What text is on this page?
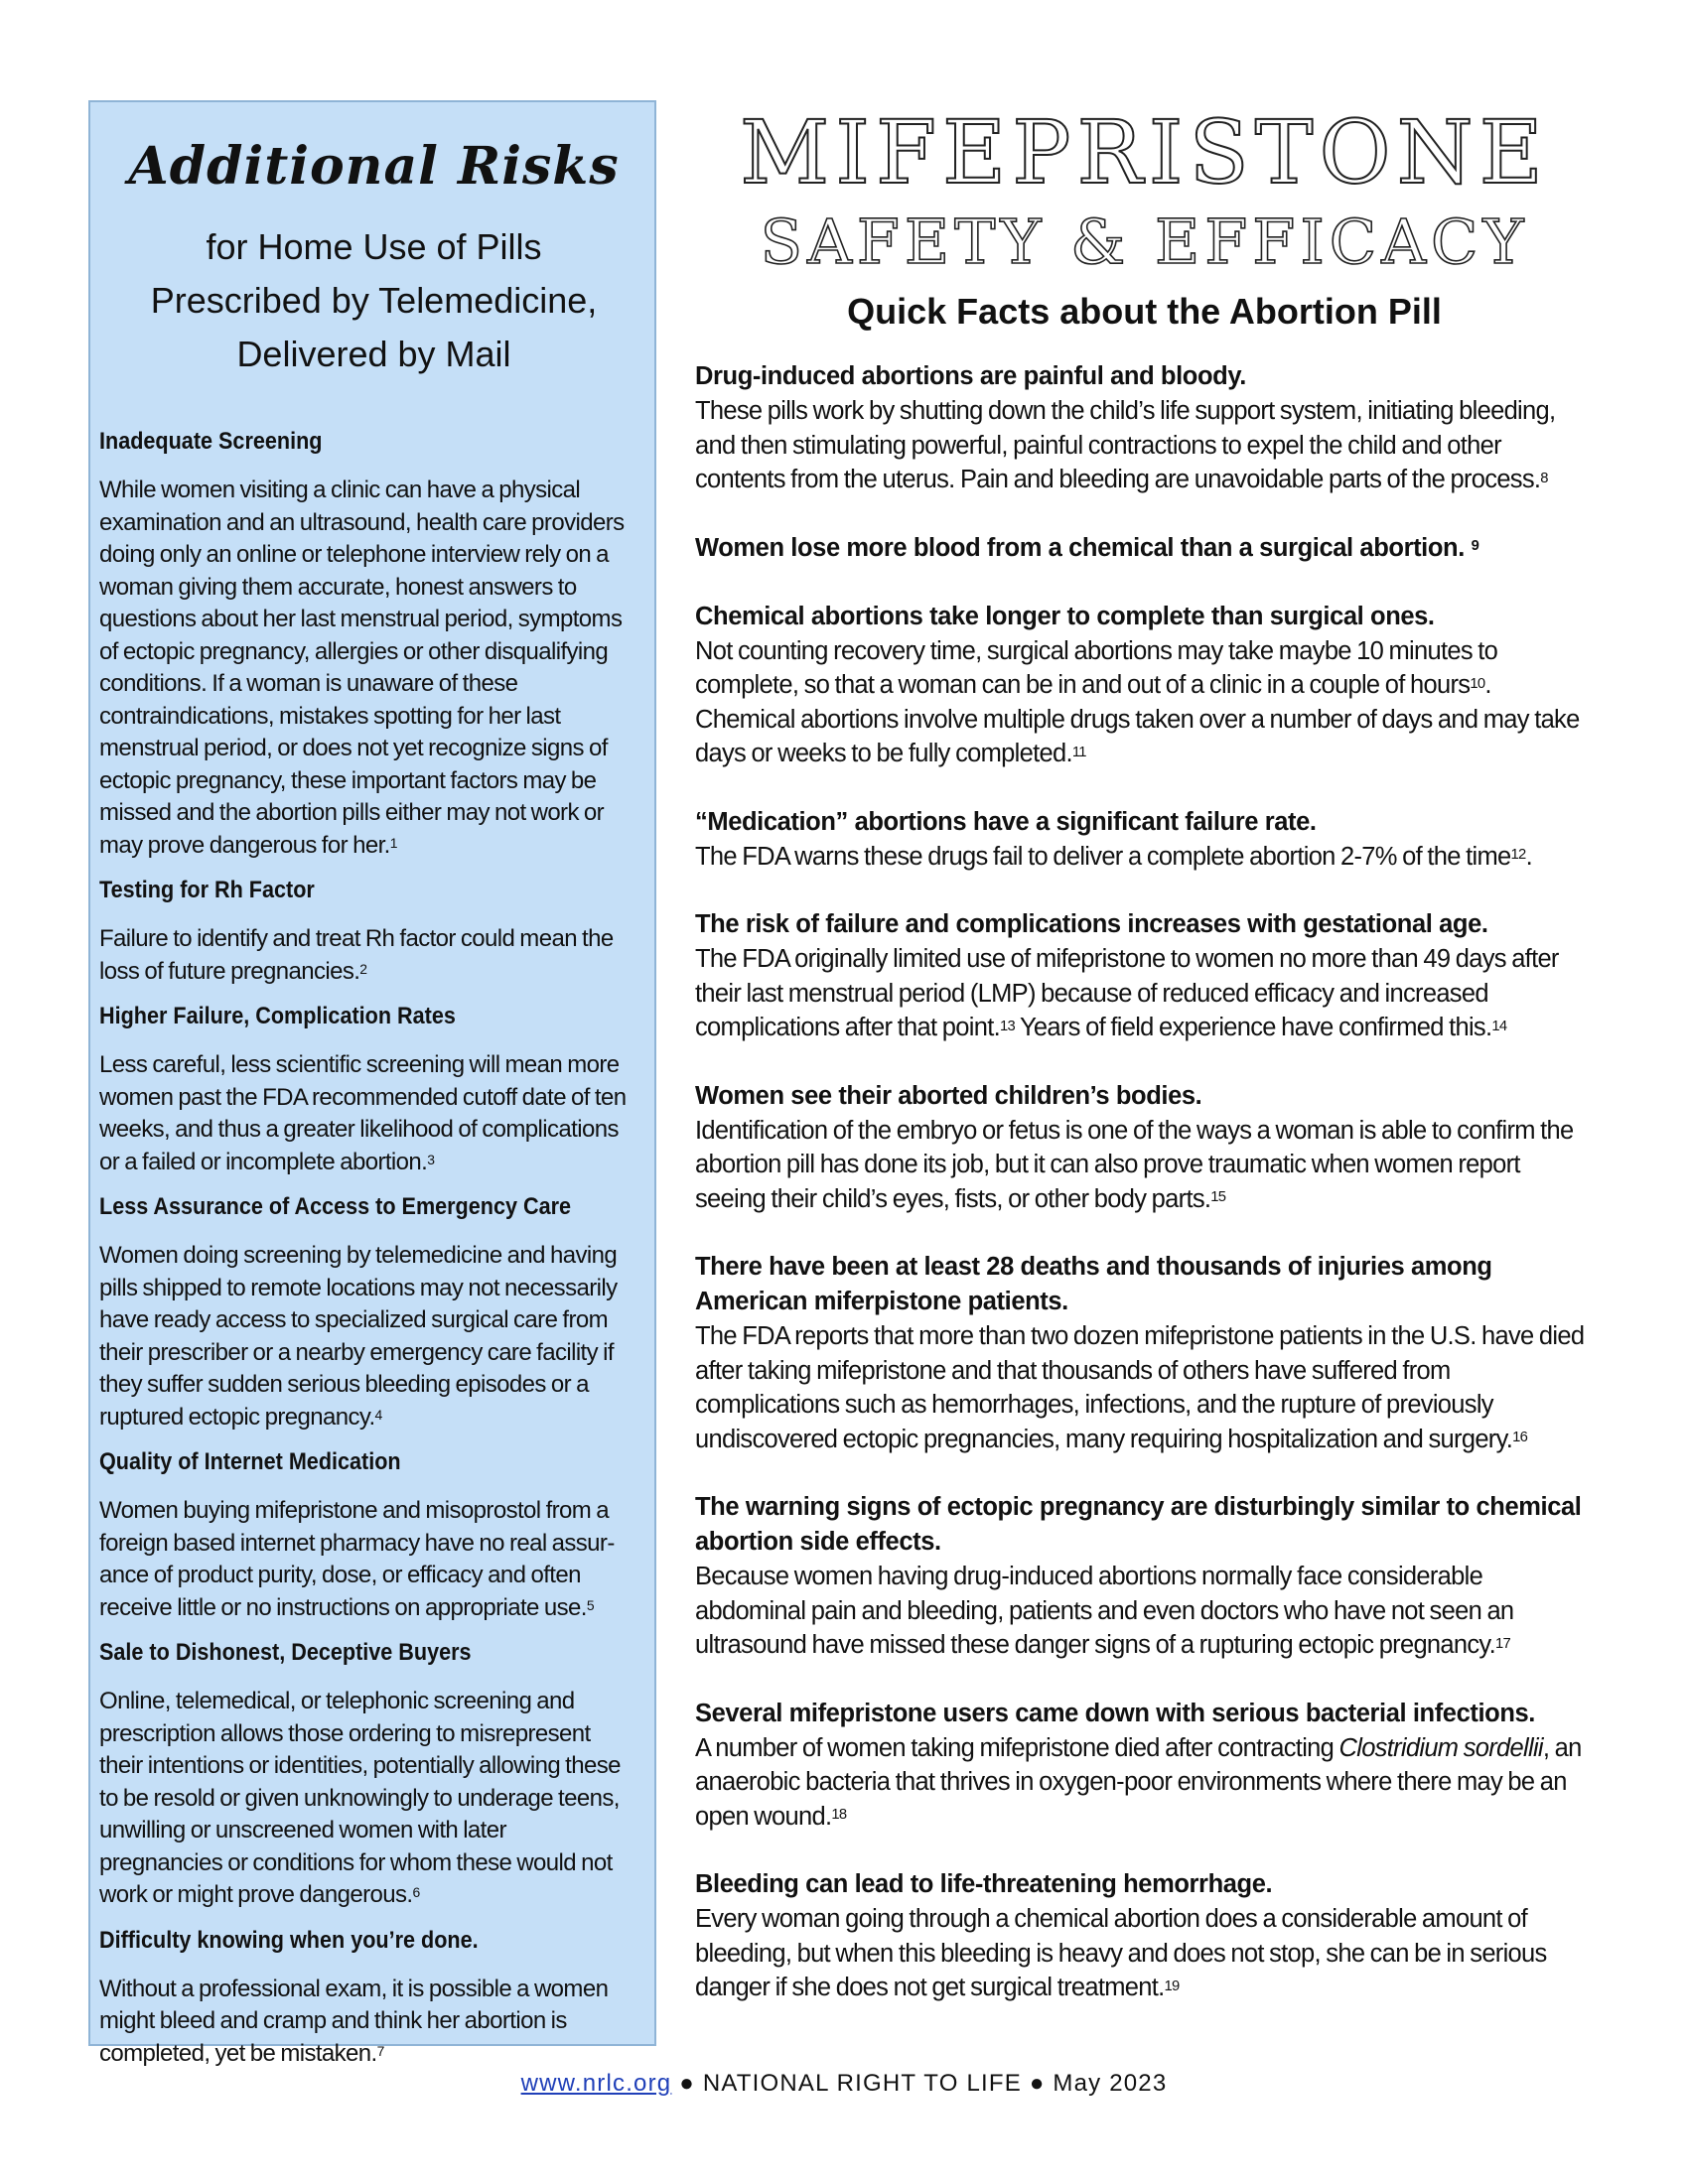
Additional Risks
for Home Use of Pills
Prescribed by Telemedicine,
Delivered by Mail
Inadequate Screening
While women visiting a clinic can have a physical examination and an ultrasound, health care providers doing only an online or telephone interview rely on a woman giving them accurate, honest answers to questions about her last menstrual period, symptoms of ectopic pregnancy, allergies or other disqualifying conditions. If a woman is unaware of these contraindications, mistakes spotting for her last menstrual period, or does not yet recognize signs of ectopic pregnancy, these important factors may be missed and the abortion pills either may not work or may prove dangerous for her.$^1$
Testing for Rh Factor
Failure to identify and treat Rh factor could mean the loss of future pregnancies.$^2$
Higher Failure, Complication Rates
Less careful, less scientific screening will mean more women past the FDA recommended cutoff date of ten weeks, and thus a greater likelihood of complications or a failed or incomplete abortion.$^3$
Less Assurance of Access to Emergency Care
Women doing screening by telemedicine and having pills shipped to remote locations may not necessarily have ready access to specialized surgical care from their prescriber or a nearby emergency care facility if they suffer sudden serious bleeding episodes or a ruptured ectopic pregnancy.$^4$
Quality of Internet Medication
Women buying mifepristone and misoprostol from a foreign based internet pharmacy have no real assur-ance of product purity, dose, or efficacy and often receive little or no instructions on appropriate use.$^5$
Sale to Dishonest, Deceptive Buyers
Online, telemedical, or telephonic screening and prescription allows those ordering to misrepresent their intentions or identities, potentially allowing these to be resold or given unknowingly to underage teens, unwilling or unscreened women with later pregnancies or conditions for whom these would not work or might prove dangerous.$^6$
Difficulty knowing when you’re done.
Without a professional exam, it is possible a women might bleed and cramp and think her abortion is completed, yet be mistaken.$^7$
MIFEPRISTONE
SAFETY & EFFICACY
Quick Facts about the Abortion Pill
Drug-induced abortions are painful and bloody.
These pills work by shutting down the child’s life support system, initiating bleeding, and then stimulating powerful, painful contractions to expel the child and other contents from the uterus. Pain and bleeding are unavoidable parts of the process.$^8$
Women lose more blood from a chemical than a surgical abortion. $^9$
Chemical abortions take longer to complete than surgical ones.
Not counting recovery time, surgical abortions may take maybe 10 minutes to complete, so that a woman can be in and out of a clinic in a couple of hours$^{10}$. Chemical abortions involve multiple drugs taken over a number of days and may take days or weeks to be fully completed.$^{11}$
“Medication” abortions have a significant failure rate.
The FDA warns these drugs fail to deliver a complete abortion 2-7% of the time$^{12}$.
The risk of failure and complications increases with gestational age.
The FDA originally limited use of mifepristone to women no more than 49 days after their last menstrual period (LMP) because of reduced efficacy and increased complications after that point.$^{13}$ Years of field experience have confirmed this.$^{14}$
Women see their aborted children’s bodies.
Identification of the embryo or fetus is one of the ways a woman is able to confirm the abortion pill has done its job, but it can also prove traumatic when women report seeing their child’s eyes, fists, or other body parts.$^{15}$
There have been at least 28 deaths and thousands of injuries among American miferpistone patients.
The FDA reports that more than two dozen mifepristone patients in the U.S. have died after taking mifepristone and that thousands of others have suffered from complications such as hemorrhages, infections, and the rupture of previously undiscovered ectopic pregnancies, many requiring hospitalization and surgery.$^{16}$
The warning signs of ectopic pregnancy are disturbingly similar to chemical abortion side effects.
Because women having drug-induced abortions normally face considerable abdominal pain and bleeding, patients and even doctors who have not seen an ultrasound have missed these danger signs of a rupturing ectopic pregnancy.$^{17}$
Several mifepristone users came down with serious bacterial infections.
A number of women taking mifepristone died after contracting Clostridium sordellii, an anaerobic bacteria that thrives in oxygen-poor environments where there may be an open wound.$^{18}$
Bleeding can lead to life-threatening hemorrhage.
Every woman going through a chemical abortion does a considerable amount of bleeding, but when this bleeding is heavy and does not stop, she can be in serious danger if she does not get surgical treatment.$^{19}$
www.nrlc.org ● NATIONAL RIGHT TO LIFE ● May 2023
